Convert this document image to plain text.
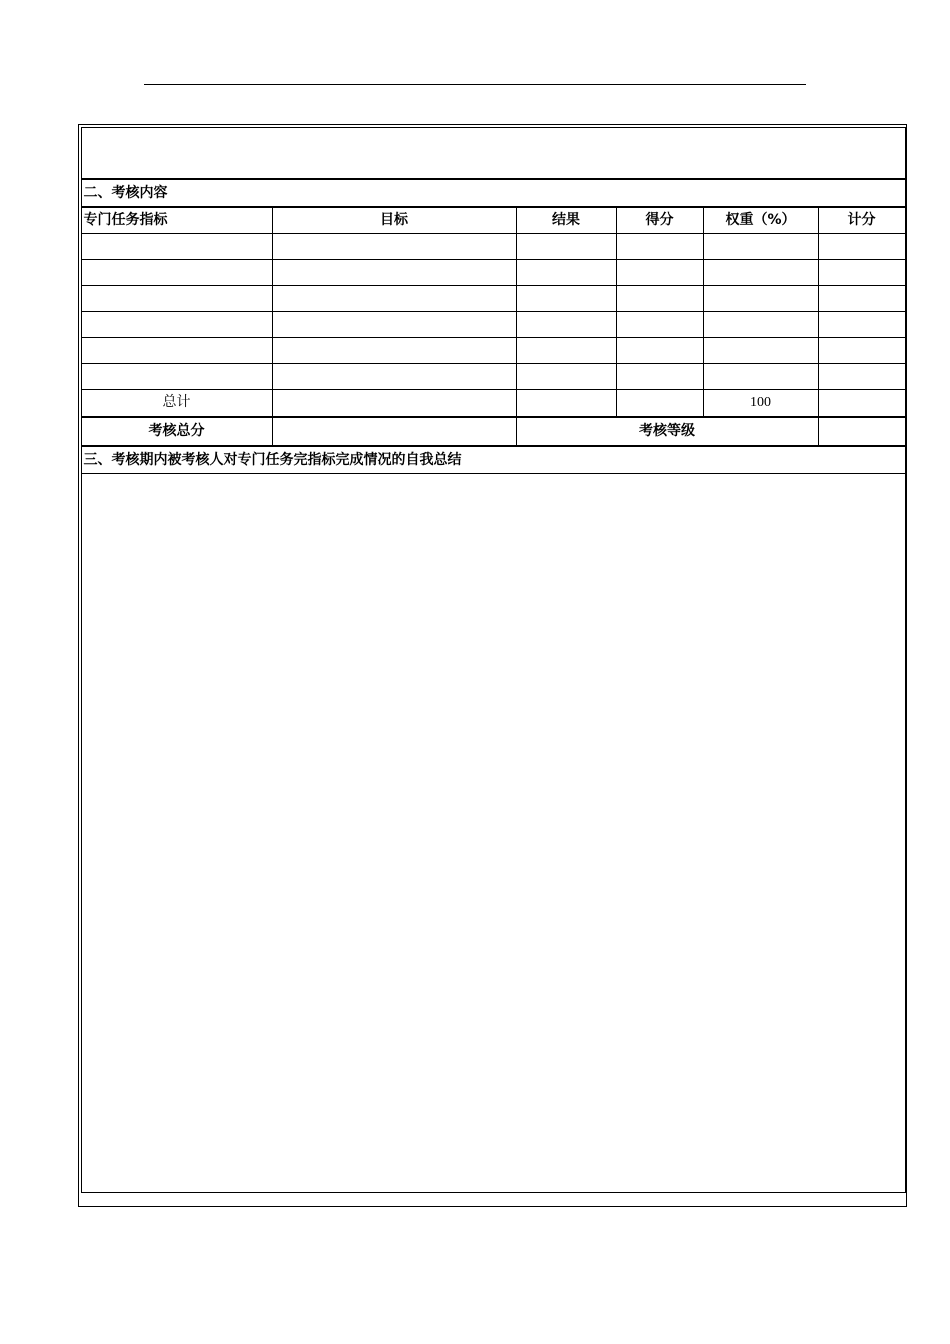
二、考核内容					
专门任务指标	目标	结果	得分	权重（%）	计分

总计				100	
考核总分		考核等级			
三、考核期内被考核人对专门任务完指标完成情况的自我总结					
